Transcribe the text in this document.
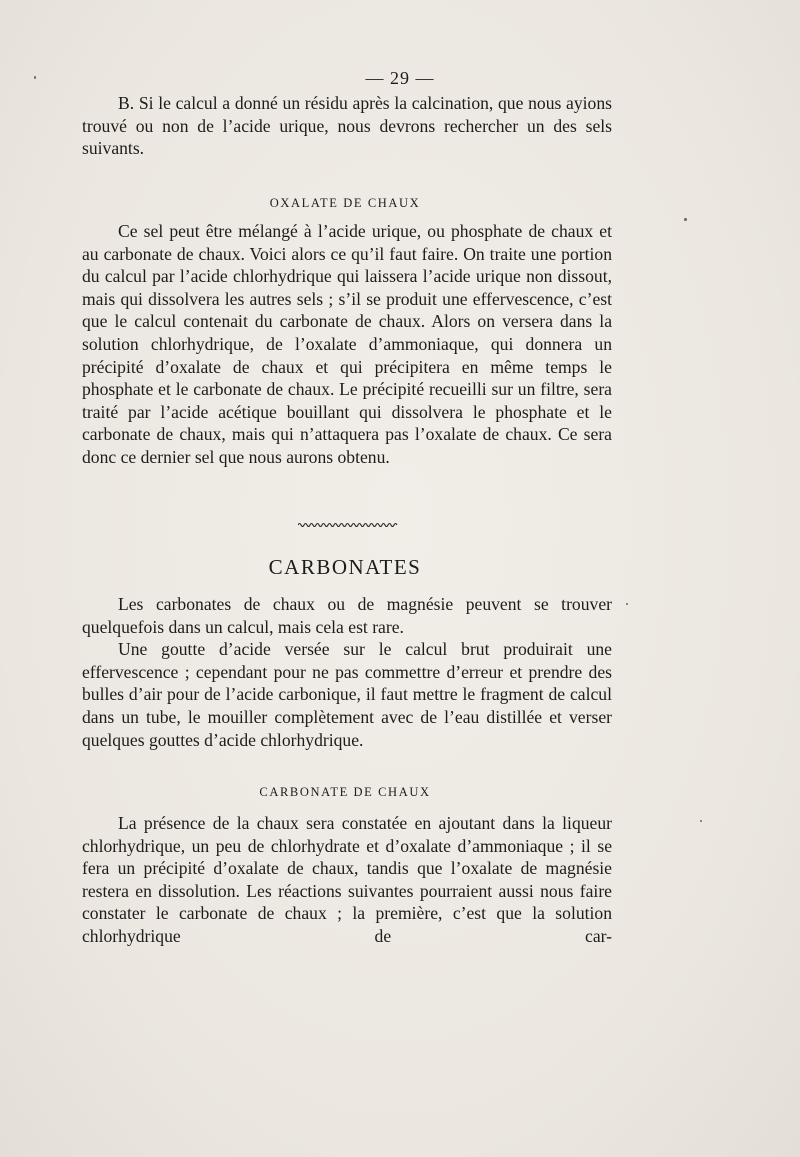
— 29 —

B. Si le calcul a donné un résidu après la calcination, que nous ayions trouvé ou non de l’acide urique, nous devrons rechercher un des sels suivants.

OXALATE DE CHAUX

Ce sel peut être mélangé à l’acide urique, ou phosphate de chaux et au carbonate de chaux. Voici alors ce qu’il faut faire. On traite une portion du calcul par l’acide chlorhydrique qui laissera l’acide urique non dissout, mais qui dissolvera les autres sels ; s’il se produit une effervescence, c’est que le calcul contenait du carbonate de chaux. Alors on versera dans la solution chlorhydrique, de l’oxalate d’ammoniaque, qui donnera un précipité d’oxalate de chaux et qui précipitera en même temps le phosphate et le carbonate de chaux. Le précipité recueilli sur un filtre, sera traité par l’acide acétique bouillant qui dissolvera le phosphate et le carbonate de chaux, mais qui n’attaquera pas l’oxalate de chaux. Ce sera donc ce dernier sel que nous aurons obtenu.

CARBONATES

Les carbonates de chaux ou de magnésie peuvent se trouver quelquefois dans un calcul, mais cela est rare.

Une goutte d’acide versée sur le calcul brut produirait une effervescence ; cependant pour ne pas commettre d’erreur et prendre des bulles d’air pour de l’acide carbonique, il faut mettre le fragment de calcul dans un tube, le mouiller complètement avec de l’eau distillée et verser quelques gouttes d’acide chlorhydrique.

CARBONATE DE CHAUX

La présence de la chaux sera constatée en ajoutant dans la liqueur chlorhydrique, un peu de chlorhydrate et d’oxalate d’ammoniaque ; il se fera un précipité d’oxalate de chaux, tandis que l’oxalate de magnésie restera en dissolution. Les réactions suivantes pourraient aussi nous faire constater le carbonate de chaux ; la première, c’est que la solution chlorhydrique de car-
